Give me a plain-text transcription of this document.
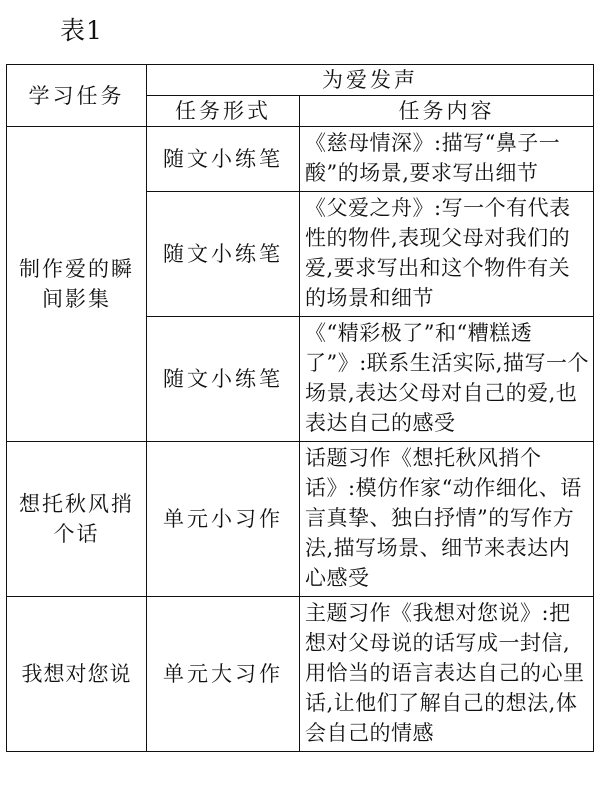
表1
学习任务	为爱发声	
	任务形式	任务内容
制作爱的瞬间影集	随文小练笔	《慈母情深》:描写“鼻子一酸”的场景,要求写出细节
	随文小练笔	《父爱之舟》:写一个有代表性的物件,表现父母对我们的爱,要求写出和这个物件有关的场景和细节
	随文小练笔	《“精彩极了”和“糟糕透了”》:联系生活实际,描写一个场景,表达父母对自己的爱,也表达自己的感受
想托秋风捎个话	单元小习作	话题习作《想托秋风捎个话》:模仿作家“动作细化、语言真挚、独白抒情”的写作方法,描写场景、细节来表达内心感受
我想对您说	单元大习作	主题习作《我想对您说》:把想对父母说的话写成一封信,用恰当的语言表达自己的心里话,让他们了解自己的想法,体会自己的情感
